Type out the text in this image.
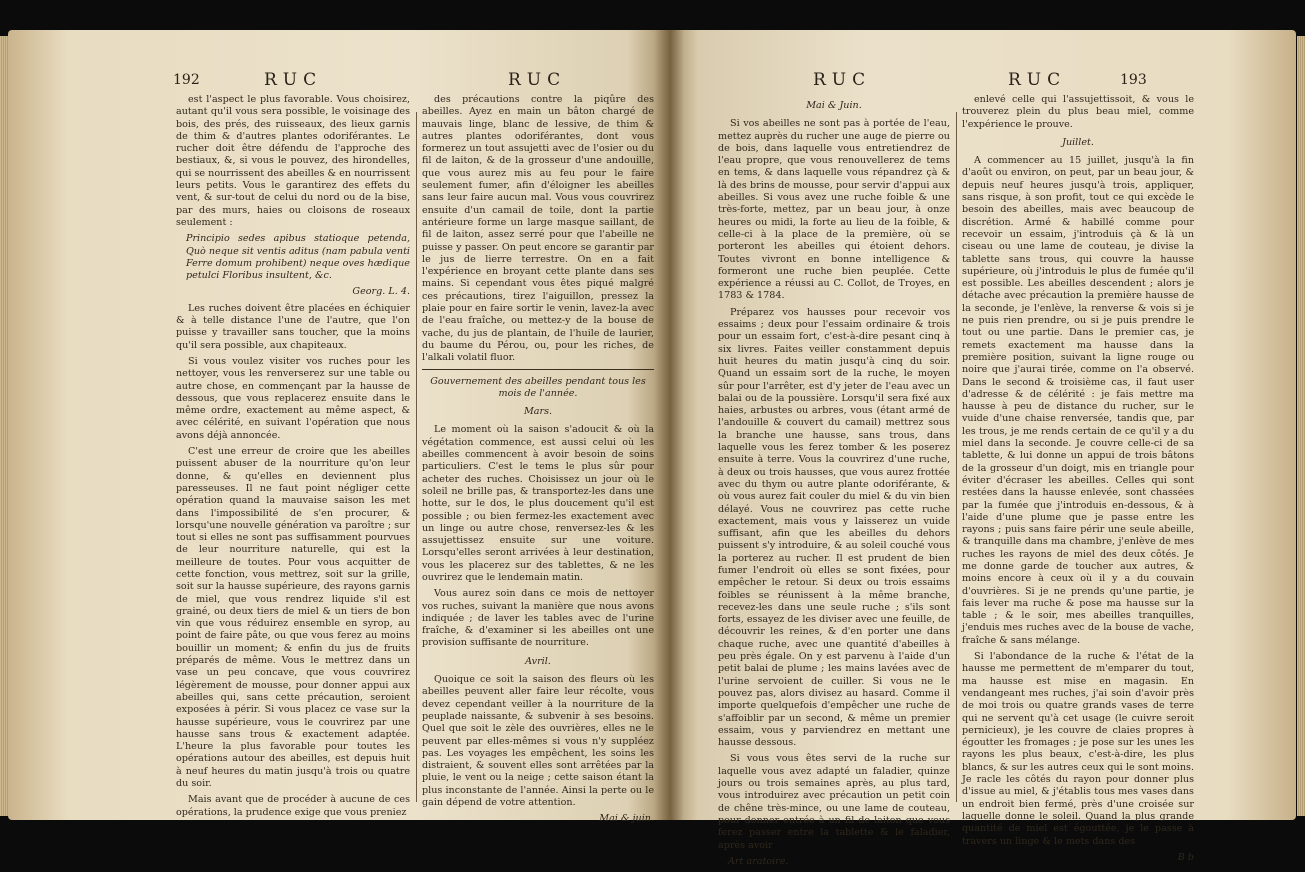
192	RUC	RUC

est l'aspect le plus favorable. Vous choisirez, autant qu'il vous sera possible, le voisinage des bois, des prés, des ruisseaux, des lieux garnis de thim & d'autres plantes odoriférantes. Le rucher doit être défendu de l'approche des bestiaux, &, si vous le pouvez, des hirondelles, qui se nourrissent des abeilles & en nourrissent leurs petits. Vous le garantirez des effets du vent, & sur-tout de celui du nord ou de la bise, par des murs, haies ou cloisons de roseaux seulement :

Principio sedes apibus statioque petenda, Quò neque sit ventis aditus (nam pabula venti Ferre domum prohibent) neque oves hædique petulci Floribus insultent, &c.

Georg. L. 4.

Les ruches doivent être placées en échiquier & à telle distance l'une de l'autre, que l'on puisse y travailler sans toucher, que la moins qu'il sera possible, aux chapiteaux.

Si vous voulez visiter vos ruches pour les nettoyer, vous les renverserez sur une table ou autre chose, en commençant par la hausse de dessous, que vous replacerez ensuite dans le même ordre, exactement au même aspect, & avec célérité, en suivant l'opération que nous avons déjà annoncée.

C'est une erreur de croire que les abeilles puissent abuser de la nourriture qu'on leur donne, & qu'elles en deviennent plus paresseuses. Il ne faut point négliger cette opération quand la mauvaise saison les met dans l'impossibilité de s'en procurer, & lorsqu'une nouvelle génération va paroître ; sur tout si elles ne sont pas suffisamment pourvues de leur nourriture naturelle, qui est la meilleure de toutes. Pour vous acquitter de cette fonction, vous mettrez, soit sur la grille, soit sur la hausse supérieure, des rayons garnis de miel, que vous rendrez liquide s'il est grainé, ou deux tiers de miel & un tiers de bon vin que vous réduirez ensemble en syrop, au point de faire pâte, ou que vous ferez au moins bouillir un moment; & enfin du jus de fruits préparés de même. Vous le mettrez dans un vase un peu concave, que vous couvrirez légèrement de mousse, pour donner appui aux abeilles qui, sans cette précaution, seroient exposées à périr. Si vous placez ce vase sur la hausse supérieure, vous le couvrirez par une hausse sans trous & exactement adaptée. L'heure la plus favorable pour toutes les opérations autour des abeilles, est depuis huit à neuf heures du matin jusqu'à trois ou quatre du soir.

Mais avant que de procéder à aucune de ces opérations, la prudence exige que vous preniez

des précautions contre la piqûre des abeilles. Ayez en main un bâton chargé de mauvais linge, blanc de lessive, de thim & autres plantes odoriférantes, dont vous formerez un tout assujetti avec de l'osier ou du fil de laiton, & de la grosseur d'une andouille, que vous aurez mis au feu pour le faire seulement fumer, afin d'éloigner les abeilles sans leur faire aucun mal. Vous vous couvrirez ensuite d'un camail de toile, dont la partie antérieure forme un large masque saillant, de fil de laiton, assez serré pour que l'abeille ne puisse y passer. On peut encore se garantir par le jus de lierre terrestre. On en a fait l'expérience en broyant cette plante dans ses mains. Si cependant vous êtes piqué malgré ces précautions, tirez l'aiguillon, pressez la plaie pour en faire sortir le venin, lavez-la avec de l'eau fraîche, ou mettez-y de la bouse de vache, du jus de plantain, de l'huile de laurier, du baume du Pérou, ou, pour les riches, de l'alkali volatil fluor.

Gouvernement des abeilles pendant tous les mois de l'année.

Mars.

Le moment où la saison s'adoucit & où la végétation commence, est aussi celui où les abeilles commencent à avoir besoin de soins particuliers. C'est le tems le plus sûr pour acheter des ruches. Choisissez un jour où le soleil ne brille pas, & transportez-les dans une hotte, sur le dos, le plus doucement qu'il est possible ; ou bien fermez-les exactement avec un linge ou autre chose, renversez-les & les assujettissez ensuite sur une voiture. Lorsqu'elles seront arrivées à leur destination, vous les placerez sur des tablettes, & ne les ouvrirez que le lendemain matin.

Vous aurez soin dans ce mois de nettoyer vos ruches, suivant la manière que nous avons indiquée ; de laver les tables avec de l'urine fraîche, & d'examiner si les abeilles ont une provision suffisante de nourriture.

Avril.

Quoique ce soit la saison des fleurs où les abeilles peuvent aller faire leur récolte, vous devez cependant veiller à la nourriture de la peuplade naissante, & subvenir à ses besoins. Quel que soit le zèle des ouvrières, elles ne le peuvent par elles-mêmes si vous n'y suppléez pas. Les voyages les empêchent, les soins les distraient, & souvent elles sont arrêtées par la pluie, le vent ou la neige ; cette saison étant la plus inconstante de l'année. Ainsi la perte ou le gain dépend de votre attention.

Mai & juin.

RUC	RUC	193

Mai & Juin.

Si vos abeilles ne sont pas à portée de l'eau, mettez auprès du rucher une auge de pierre ou de bois, dans laquelle vous entretiendrez de l'eau propre, que vous renouvellerez de tems en tems, & dans laquelle vous répandrez çà & là des brins de mousse, pour servir d'appui aux abeilles. Si vous avez une ruche foible & une très-forte, mettez, par un beau jour, à onze heures ou midi, la forte au lieu de la foible, & celle-ci à la place de la première, où se porteront les abeilles qui étoient dehors. Toutes vivront en bonne intelligence & formeront une ruche bien peuplée. Cette expérience a réussi au C. Collot, de Troyes, en 1783 & 1784.

Préparez vos hausses pour recevoir vos essaims ; deux pour l'essaim ordinaire & trois pour un essaim fort, c'est-à-dire pesant cinq à six livres. Faites veiller constamment depuis huit heures du matin jusqu'à cinq du soir. Quand un essaim sort de la ruche, le moyen sûr pour l'arrêter, est d'y jeter de l'eau avec un balai ou de la poussière. Lorsqu'il sera fixé aux haies, arbustes ou arbres, vous (étant armé de l'andouille & couvert du camail) mettrez sous la branche une hausse, sans trous, dans laquelle vous les ferez tomber & les poserez ensuite à terre. Vous la couvrirez d'une ruche, à deux ou trois hausses, que vous aurez frottée avec du thym ou autre plante odoriférante, & où vous aurez fait couler du miel & du vin bien délayé. Vous ne couvrirez pas cette ruche exactement, mais vous y laisserez un vuide suffisant, afin que les abeilles du dehors puissent s'y introduire, & au soleil couché vous la porterez au rucher. Il est prudent de bien fumer l'endroit où elles se sont fixées, pour empêcher le retour. Si deux ou trois essaims foibles se réunissent à la même branche, recevez-les dans une seule ruche ; s'ils sont forts, essayez de les diviser avec une feuille, de découvrir les reines, & d'en porter une dans chaque ruche, avec une quantité d'abeilles à peu près égale. On y est parvenu à l'aide d'un petit balai de plume ; les mains lavées avec de l'urine servoient de cuiller. Si vous ne le pouvez pas, alors divisez au hasard. Comme il importe quelquefois d'empêcher une ruche de s'affoiblir par un second, & même un premier essaim, vous y parviendrez en mettant une hausse dessous.

Si vous vous êtes servi de la ruche sur laquelle vous avez adapté un faladier, quinze jours ou trois semaines après, au plus tard, vous introduirez avec précaution un petit coin de chêne très-mince, ou une lame de couteau, pour donner entrée à un fil de laiton que vous ferez passer entre la tablette & le faladier, après avoir

Art aratoire.

enlevé celle qui l'assujettissoit, & vous le trouverez plein du plus beau miel, comme l'expérience le prouve.

Juillet.

A commencer au 15 juillet, jusqu'à la fin d'août ou environ, on peut, par un beau jour, & depuis neuf heures jusqu'à trois, appliquer, sans risque, à son profit, tout ce qui excède le besoin des abeilles, mais avec beaucoup de discrétion. Armé & habillé comme pour recevoir un essaim, j'introduis çà & là un ciseau ou une lame de couteau, je divise la tablette sans trous, qui couvre la hausse supérieure, où j'introduis le plus de fumée qu'il est possible. Les abeilles descendent ; alors je détache avec précaution la première hausse de la seconde, je l'enlève, la renverse & vois si je ne puis rien prendre, ou si je puis prendre le tout ou une partie. Dans le premier cas, je remets exactement ma hausse dans la première position, suivant la ligne rouge ou noire que j'aurai tirée, comme on l'a observé. Dans le second & troisième cas, il faut user d'adresse & de célérité : je fais mettre ma hausse à peu de distance du rucher, sur le vuide d'une chaise renversée, tandis que, par les trous, je me rends certain de ce qu'il y a du miel dans la seconde. Je couvre celle-ci de sa tablette, & lui donne un appui de trois bâtons de la grosseur d'un doigt, mis en triangle pour éviter d'écraser les abeilles. Celles qui sont restées dans la hausse enlevée, sont chassées par la fumée que j'introduis en-dessous, & à l'aide d'une plume que je passe entre les rayons ; puis sans faire périr une seule abeille, & tranquille dans ma chambre, j'enlève de mes ruches les rayons de miel des deux côtés. Je me donne garde de toucher aux autres, & moins encore à ceux où il y a du couvain d'ouvrières. Si je ne prends qu'une partie, je fais lever ma ruche & pose ma hausse sur la table ; & le soir, mes abeilles tranquilles, j'enduis mes ruches avec de la bouse de vache, fraîche & sans mélange.

Si l'abondance de la ruche & l'état de la hausse me permettent de m'emparer du tout, ma hausse est mise en magasin. En vendangeant mes ruches, j'ai soin d'avoir près de moi trois ou quatre grands vases de terre qui ne servent qu'à cet usage (le cuivre seroit pernicieux), je les couvre de claies propres à égoutter les fromages ; je pose sur les unes les rayons les plus beaux, c'est-à-dire, les plus blancs, & sur les autres ceux qui le sont moins. Je racle les côtés du rayon pour donner plus d'issue au miel, & j'établis tous mes vases dans un endroit bien fermé, près d'une croisée sur laquelle donne le soleil. Quand la plus grande quantité de miel est égouttée, je le passe à travers un linge & le mets dans des

B b
